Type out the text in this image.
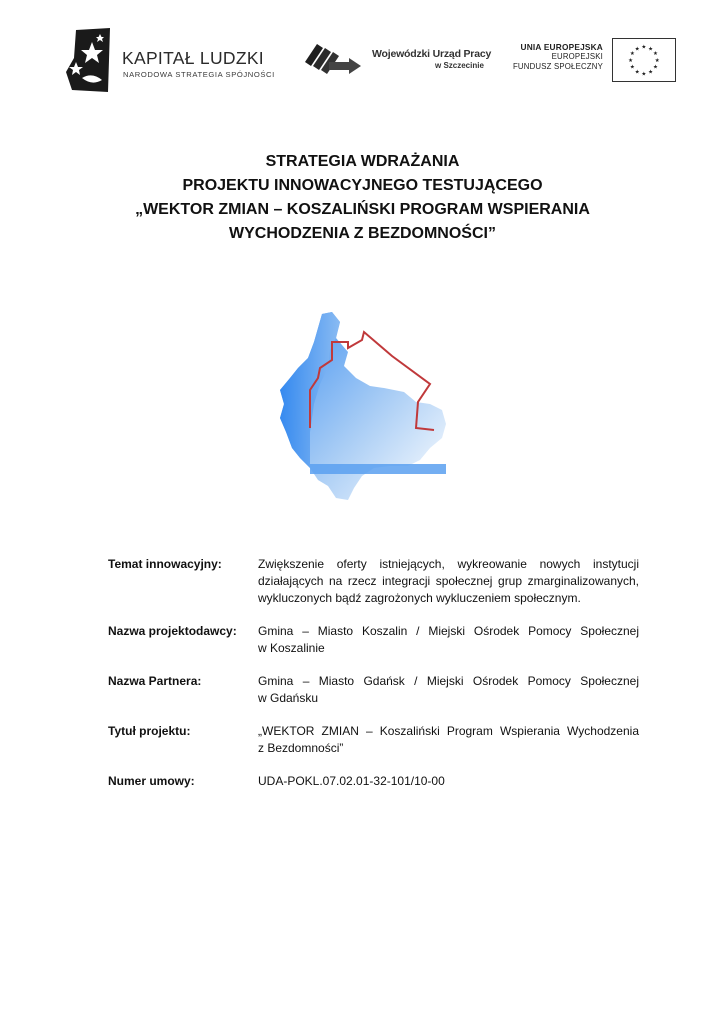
KAPITAŁ LUDZKI
NARODOWA STRATEGIA SPÓJNOŚCI
Wojewódzki Urząd Pracy
w Szczecinie
UNIA EUROPEJSKA
EUROPEJSKI
FUNDUSZ SPOŁECZNY
★ ★
★
★
★
★
★
★
★
★
★
★
STRATEGIA WDRAŻANIA
PROJEKTU INNOWACYJNEGO TESTUJĄCEGO
„WEKTOR ZMIAN – KOSZALIŃSKI PROGRAM WSPIERANIA
WYCHODZENIA Z BEZDOMNOŚCI”
Temat innowacyjny:	Zwiększenie oferty istniejących, wykreowanie nowych instytucji
działających na rzecz integracji społecznej grup zmarginalizowanych,
wykluczonych bądź zagrożonych wykluczeniem społecznym.
Nazwa projektodawcy:	Gmina – Miasto Koszalin / Miejski Ośrodek Pomocy Społecznej
w Koszalinie
Nazwa Partnera:	Gmina – Miasto Gdańsk / Miejski Ośrodek Pomocy Społecznej
w Gdańsku
Tytuł projektu:	„WEKTOR ZMIAN – Koszaliński Program Wspierania Wychodzenia
z Bezdomności”
Numer umowy:	UDA-POKL.07.02.01-32-101/10-00
